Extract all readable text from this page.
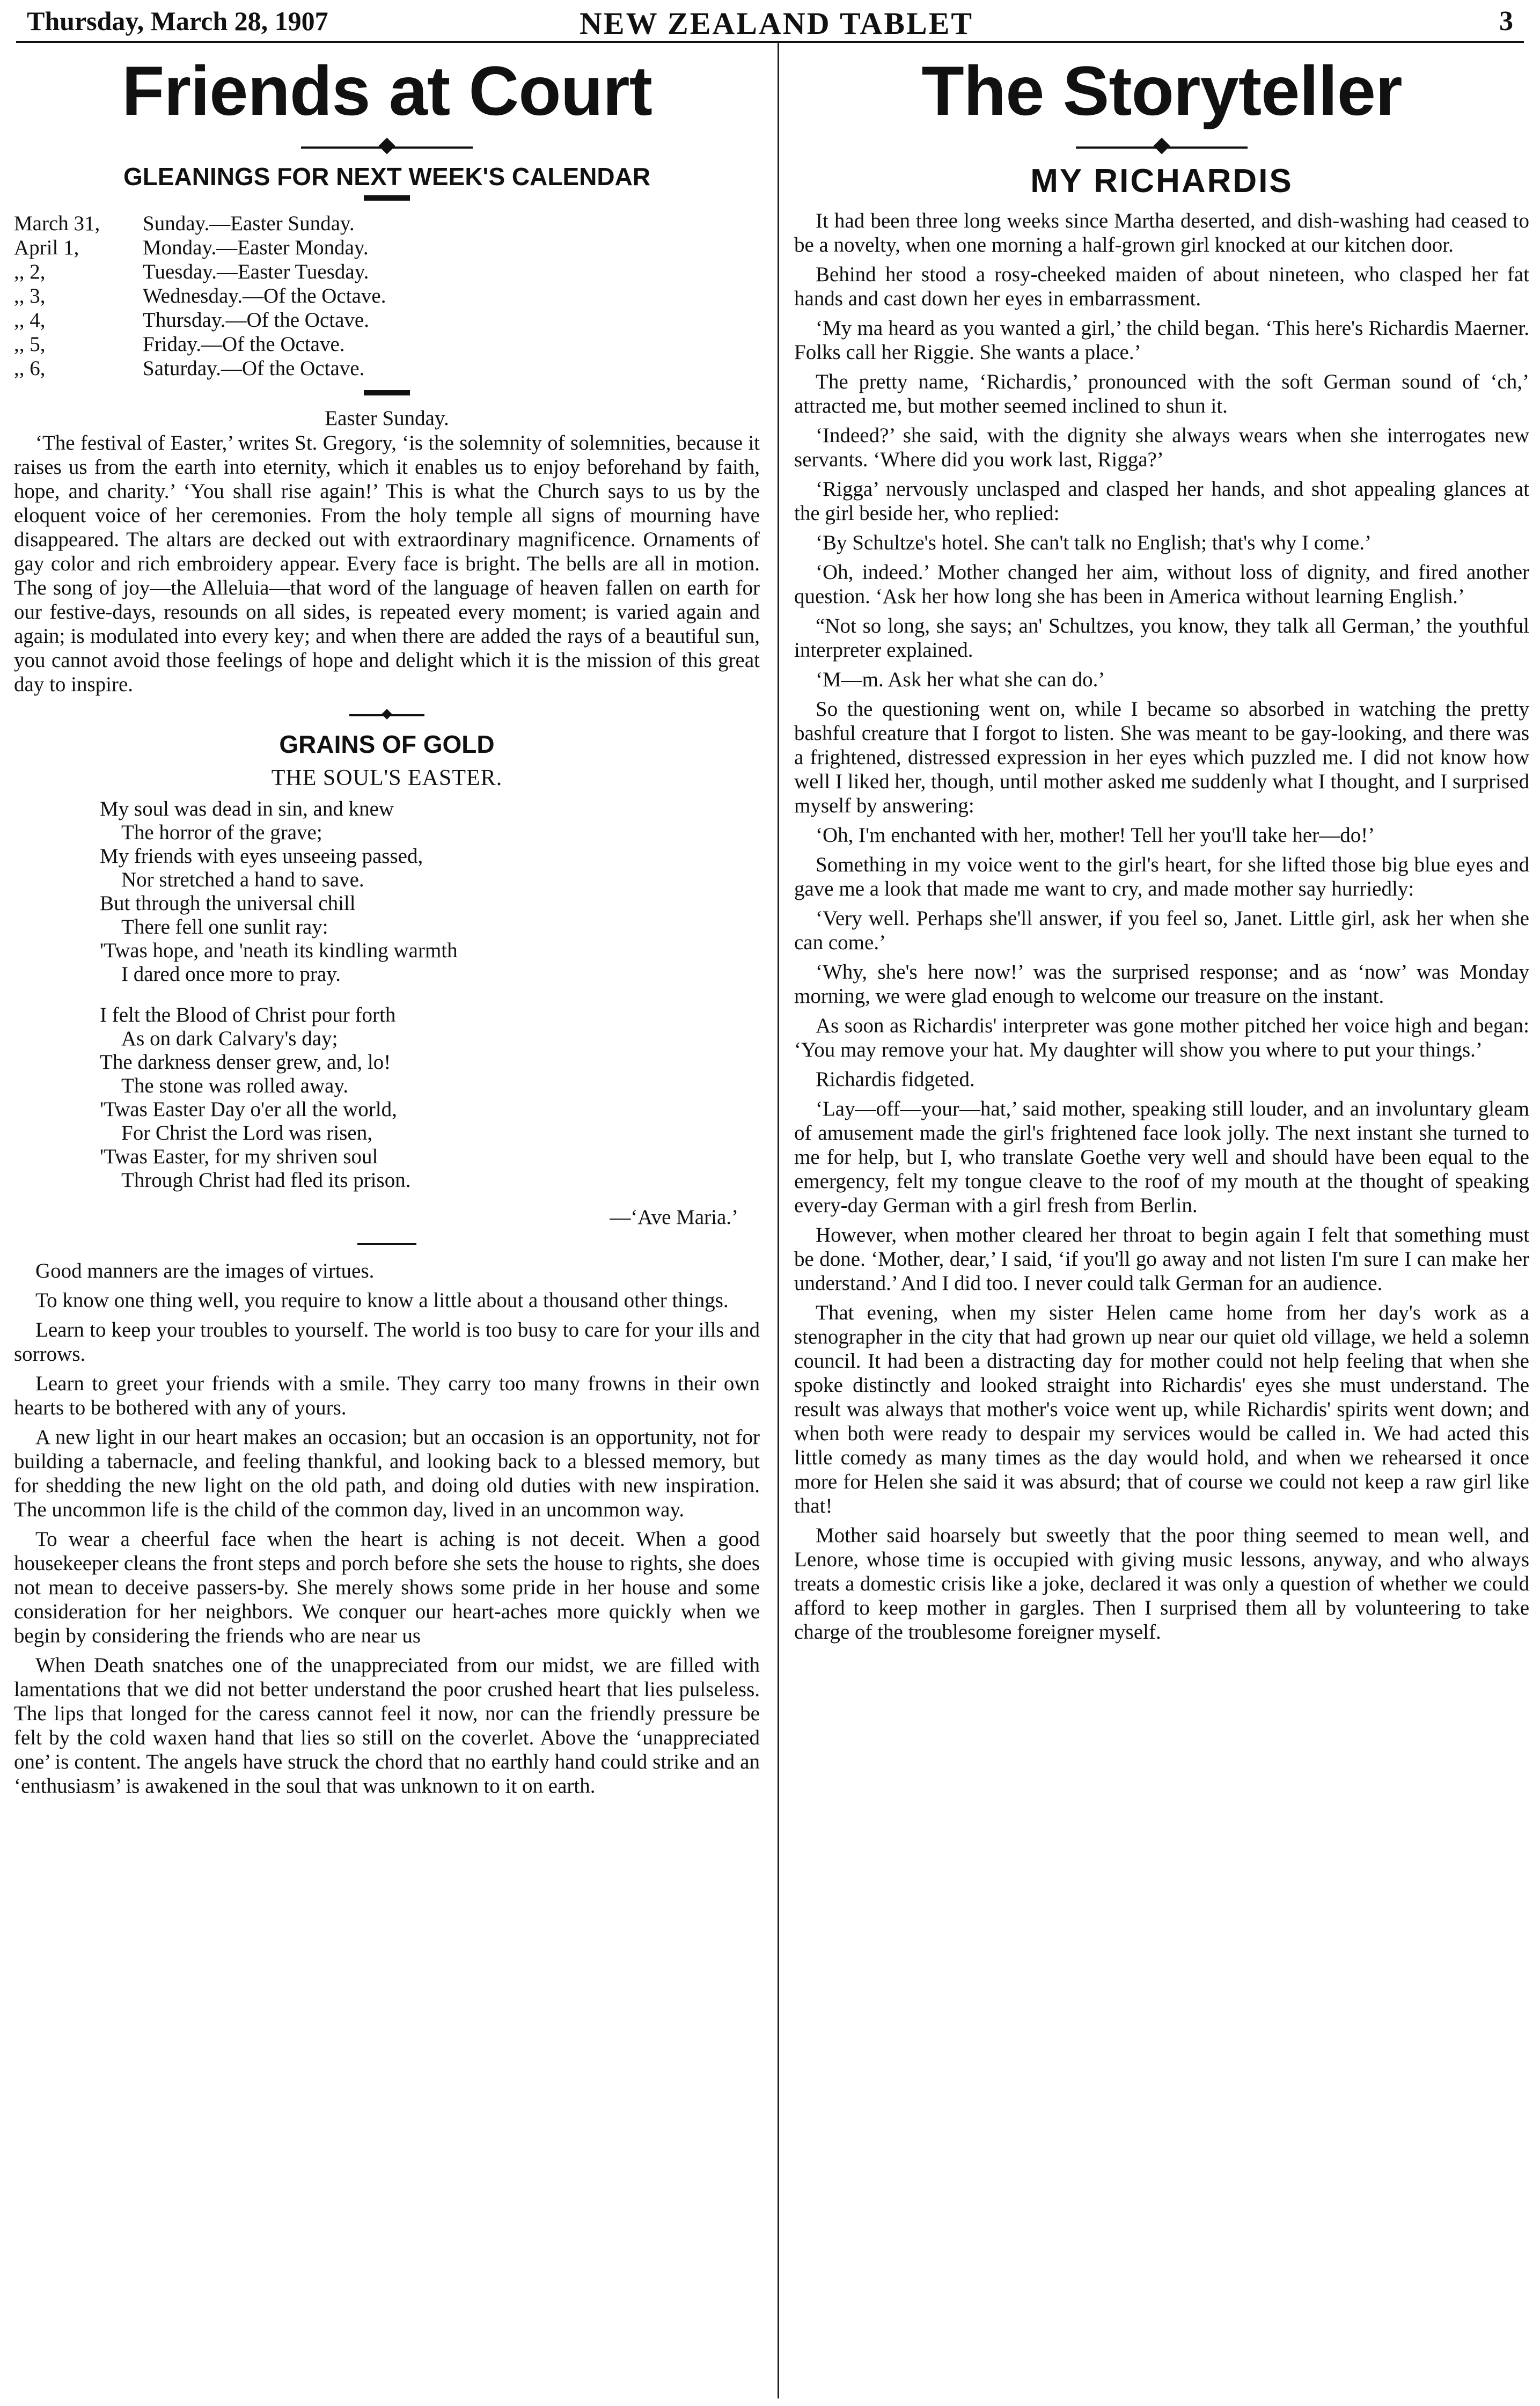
Thursday, March 28, 1907	NEW ZEALAND TABLET	3
Friends at Court
GLEANINGS FOR NEXT WEEK'S CALENDAR
March 31,	Sunday.—Easter Sunday.
April 1,	Monday.—Easter Monday.
,, 2,	Tuesday.—Easter Tuesday.
,, 3,	Wednesday.—Of the Octave.
,, 4,	Thursday.—Of the Octave.
,, 5,	Friday.—Of the Octave.
,, 6,	Saturday.—Of the Octave.
Easter Sunday.

‘The festival of Easter,’ writes St. Gregory, ‘is the solemnity of solemnities, because it raises us from the earth into eternity, which it enables us to enjoy beforehand by faith, hope, and charity.’ ‘You shall rise again!’ This is what the Church says to us by the eloquent voice of her ceremonies. From the holy temple all signs of mourning have disappeared. The altars are decked out with extraordinary magnificence. Ornaments of gay color and rich embroidery appear. Every face is bright. The bells are all in motion. The song of joy—the Alleluia—that word of the language of heaven fallen on earth for our festive-days, resounds on all sides, is repeated every moment; is varied again and again; is modulated into every key; and when there are added the rays of a beautiful sun, you cannot avoid those feelings of hope and delight which it is the mission of this great day to inspire.

GRAINS OF GOLD
THE SOUL'S EASTER.
My soul was dead in sin, and knew
The horror of the grave;
My friends with eyes unseeing passed,
Nor stretched a hand to save.
But through the universal chill
There fell one sunlit ray:
'Twas hope, and 'neath its kindling warmth
I dared once more to pray.
I felt the Blood of Christ pour forth
As on dark Calvary's day;
The darkness denser grew, and, lo!
The stone was rolled away.
'Twas Easter Day o'er all the world,
For Christ the Lord was risen,
'Twas Easter, for my shriven soul
Through Christ had fled its prison.
—‘Ave Maria.’

Good manners are the images of virtues.

To know one thing well, you require to know a little about a thousand other things.

Learn to keep your troubles to yourself. The world is too busy to care for your ills and sorrows.

Learn to greet your friends with a smile. They carry too many frowns in their own hearts to be bothered with any of yours.

A new light in our heart makes an occasion; but an occasion is an opportunity, not for building a tabernacle, and feeling thankful, and looking back to a blessed memory, but for shedding the new light on the old path, and doing old duties with new inspiration. The uncommon life is the child of the common day, lived in an uncommon way.

To wear a cheerful face when the heart is aching is not deceit. When a good housekeeper cleans the front steps and porch before she sets the house to rights, she does not mean to deceive passers-by. She merely shows some pride in her house and some consideration for her neighbors. We conquer our heart-aches more quickly when we begin by considering the friends who are near us

When Death snatches one of the unappreciated from our midst, we are filled with lamentations that we did not better understand the poor crushed heart that lies pulseless. The lips that longed for the caress cannot feel it now, nor can the friendly pressure be felt by the cold waxen hand that lies so still on the coverlet. Above the ‘unappreciated one’ is content. The angels have struck the chord that no earthly hand could strike and an ‘enthusiasm’ is awakened in the soul that was unknown to it on earth.

The Storyteller
MY RICHARDIS

It had been three long weeks since Martha deserted, and dish-washing had ceased to be a novelty, when one morning a half-grown girl knocked at our kitchen door.

Behind her stood a rosy-cheeked maiden of about nineteen, who clasped her fat hands and cast down her eyes in embarrassment.

‘My ma heard as you wanted a girl,’ the child began. ‘This here's Richardis Maerner. Folks call her Riggie. She wants a place.’

The pretty name, ‘Richardis,’ pronounced with the soft German sound of ‘ch,’ attracted me, but mother seemed inclined to shun it.

‘Indeed?’ she said, with the dignity she always wears when she interrogates new servants. ‘Where did you work last, Rigga?’

‘Rigga’ nervously unclasped and clasped her hands, and shot appealing glances at the girl beside her, who replied:

‘By Schultze's hotel. She can't talk no English; that's why I come.’

‘Oh, indeed.’ Mother changed her aim, without loss of dignity, and fired another question. ‘Ask her how long she has been in America without learning English.’

“Not so long, she says; an' Schultzes, you know, they talk all German,’ the youthful interpreter explained.

‘M—m. Ask her what she can do.’

So the questioning went on, while I became so absorbed in watching the pretty bashful creature that I forgot to listen. She was meant to be gay-looking, and there was a frightened, distressed expression in her eyes which puzzled me. I did not know how well I liked her, though, until mother asked me suddenly what I thought, and I surprised myself by answering:

‘Oh, I'm enchanted with her, mother! Tell her you'll take her—do!’

Something in my voice went to the girl's heart, for she lifted those big blue eyes and gave me a look that made me want to cry, and made mother say hurriedly:

‘Very well. Perhaps she'll answer, if you feel so, Janet. Little girl, ask her when she can come.’

‘Why, she's here now!’ was the surprised response; and as ‘now’ was Monday morning, we were glad enough to welcome our treasure on the instant.

As soon as Richardis' interpreter was gone mother pitched her voice high and began: ‘You may remove your hat. My daughter will show you where to put your things.’

Richardis fidgeted.

‘Lay—off—your—hat,’ said mother, speaking still louder, and an involuntary gleam of amusement made the girl's frightened face look jolly. The next instant she turned to me for help, but I, who translate Goethe very well and should have been equal to the emergency, felt my tongue cleave to the roof of my mouth at the thought of speaking every-day German with a girl fresh from Berlin.

However, when mother cleared her throat to begin again I felt that something must be done. ‘Mother, dear,’ I said, ‘if you'll go away and not listen I'm sure I can make her understand.’ And I did too. I never could talk German for an audience.

That evening, when my sister Helen came home from her day's work as a stenographer in the city that had grown up near our quiet old village, we held a solemn council. It had been a distracting day for mother could not help feeling that when she spoke distinctly and looked straight into Richardis' eyes she must understand. The result was always that mother's voice went up, while Richardis' spirits went down; and when both were ready to despair my services would be called in. We had acted this little comedy as many times as the day would hold, and when we rehearsed it once more for Helen she said it was absurd; that of course we could not keep a raw girl like that!

Mother said hoarsely but sweetly that the poor thing seemed to mean well, and Lenore, whose time is occupied with giving music lessons, anyway, and who always treats a domestic crisis like a joke, declared it was only a question of whether we could afford to keep mother in gargles. Then I surprised them all by volunteering to take charge of the troublesome foreigner myself.
